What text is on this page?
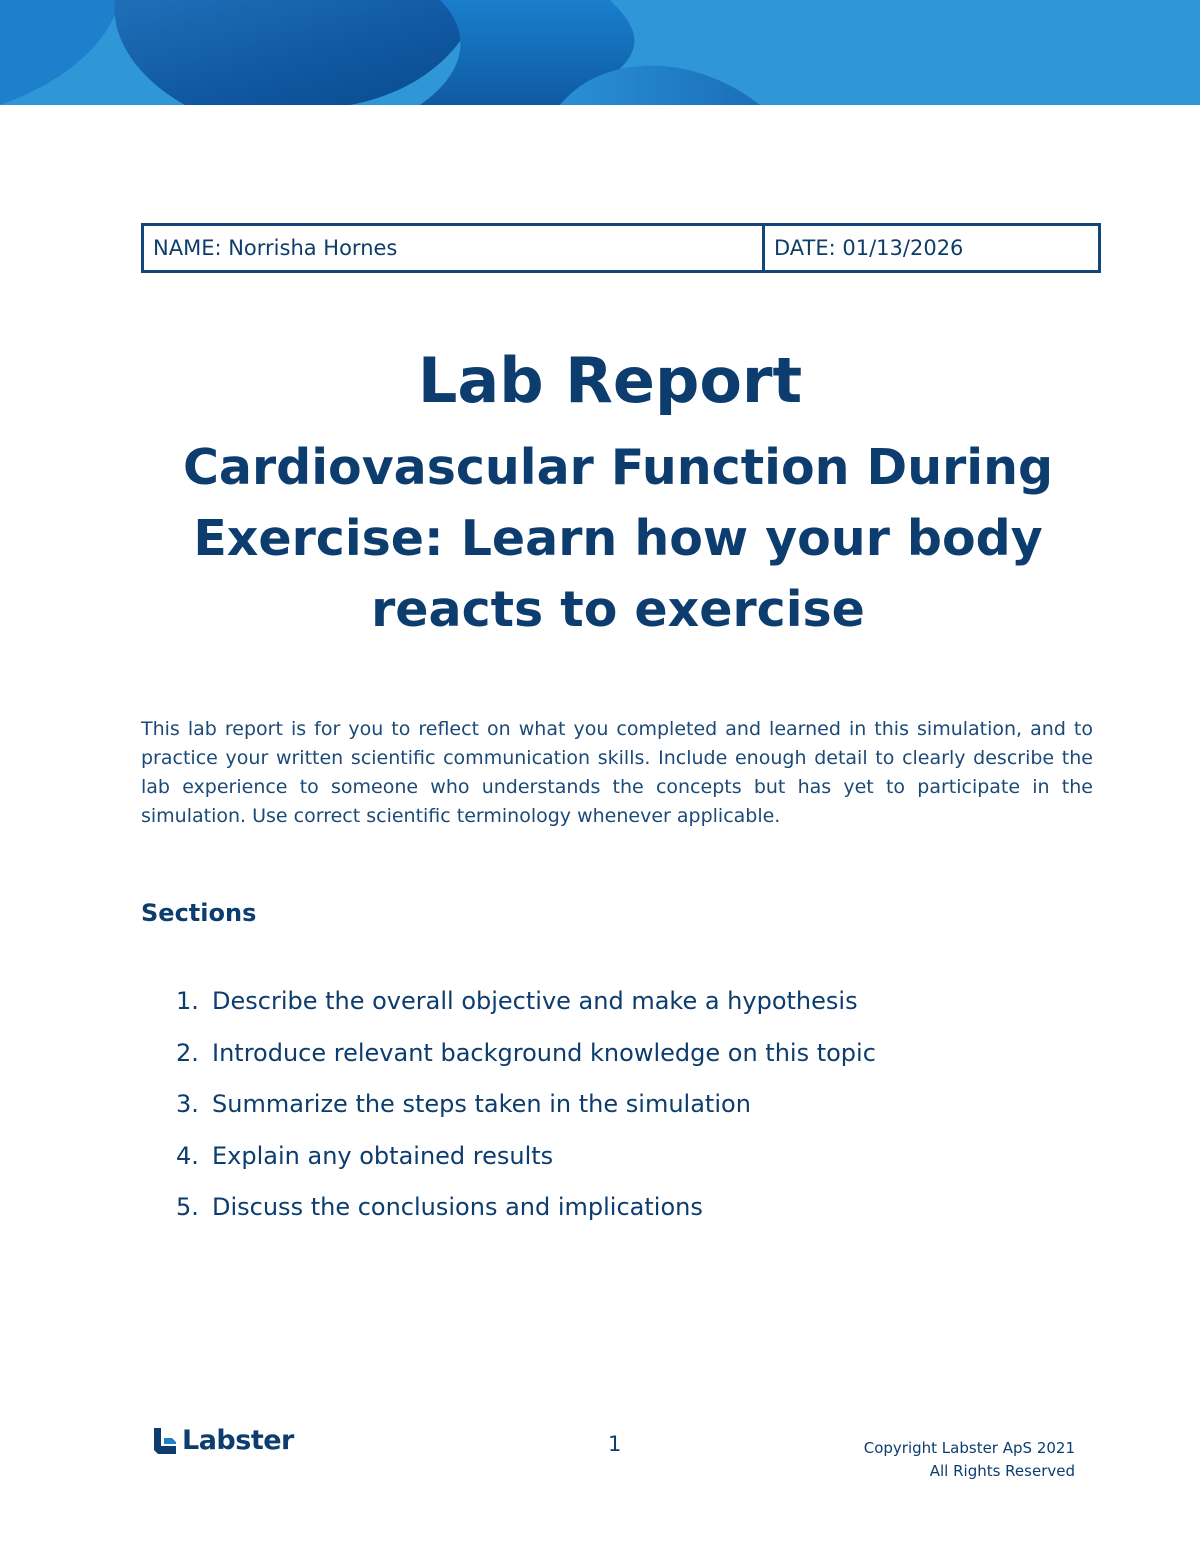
NAME: Norrisha Hornes	DATE: 01/13/2026
Lab Report
Cardiovascular Function During Exercise: Learn how your body reacts to exercise

This lab report is for you to reflect on what you completed and learned in this simulation, and to practice your written scientific communication skills. Include enough detail to clearly describe the lab experience to someone who understands the concepts but has yet to participate in the simulation. Use correct scientific terminology whenever applicable.

Sections
1. Describe the overall objective and make a hypothesis
2. Introduce relevant background knowledge on this topic
3. Summarize the steps taken in the simulation
4. Explain any obtained results
5. Discuss the conclusions and implications
Labster	1	Copyright Labster ApS 2021
All Rights Reserved
